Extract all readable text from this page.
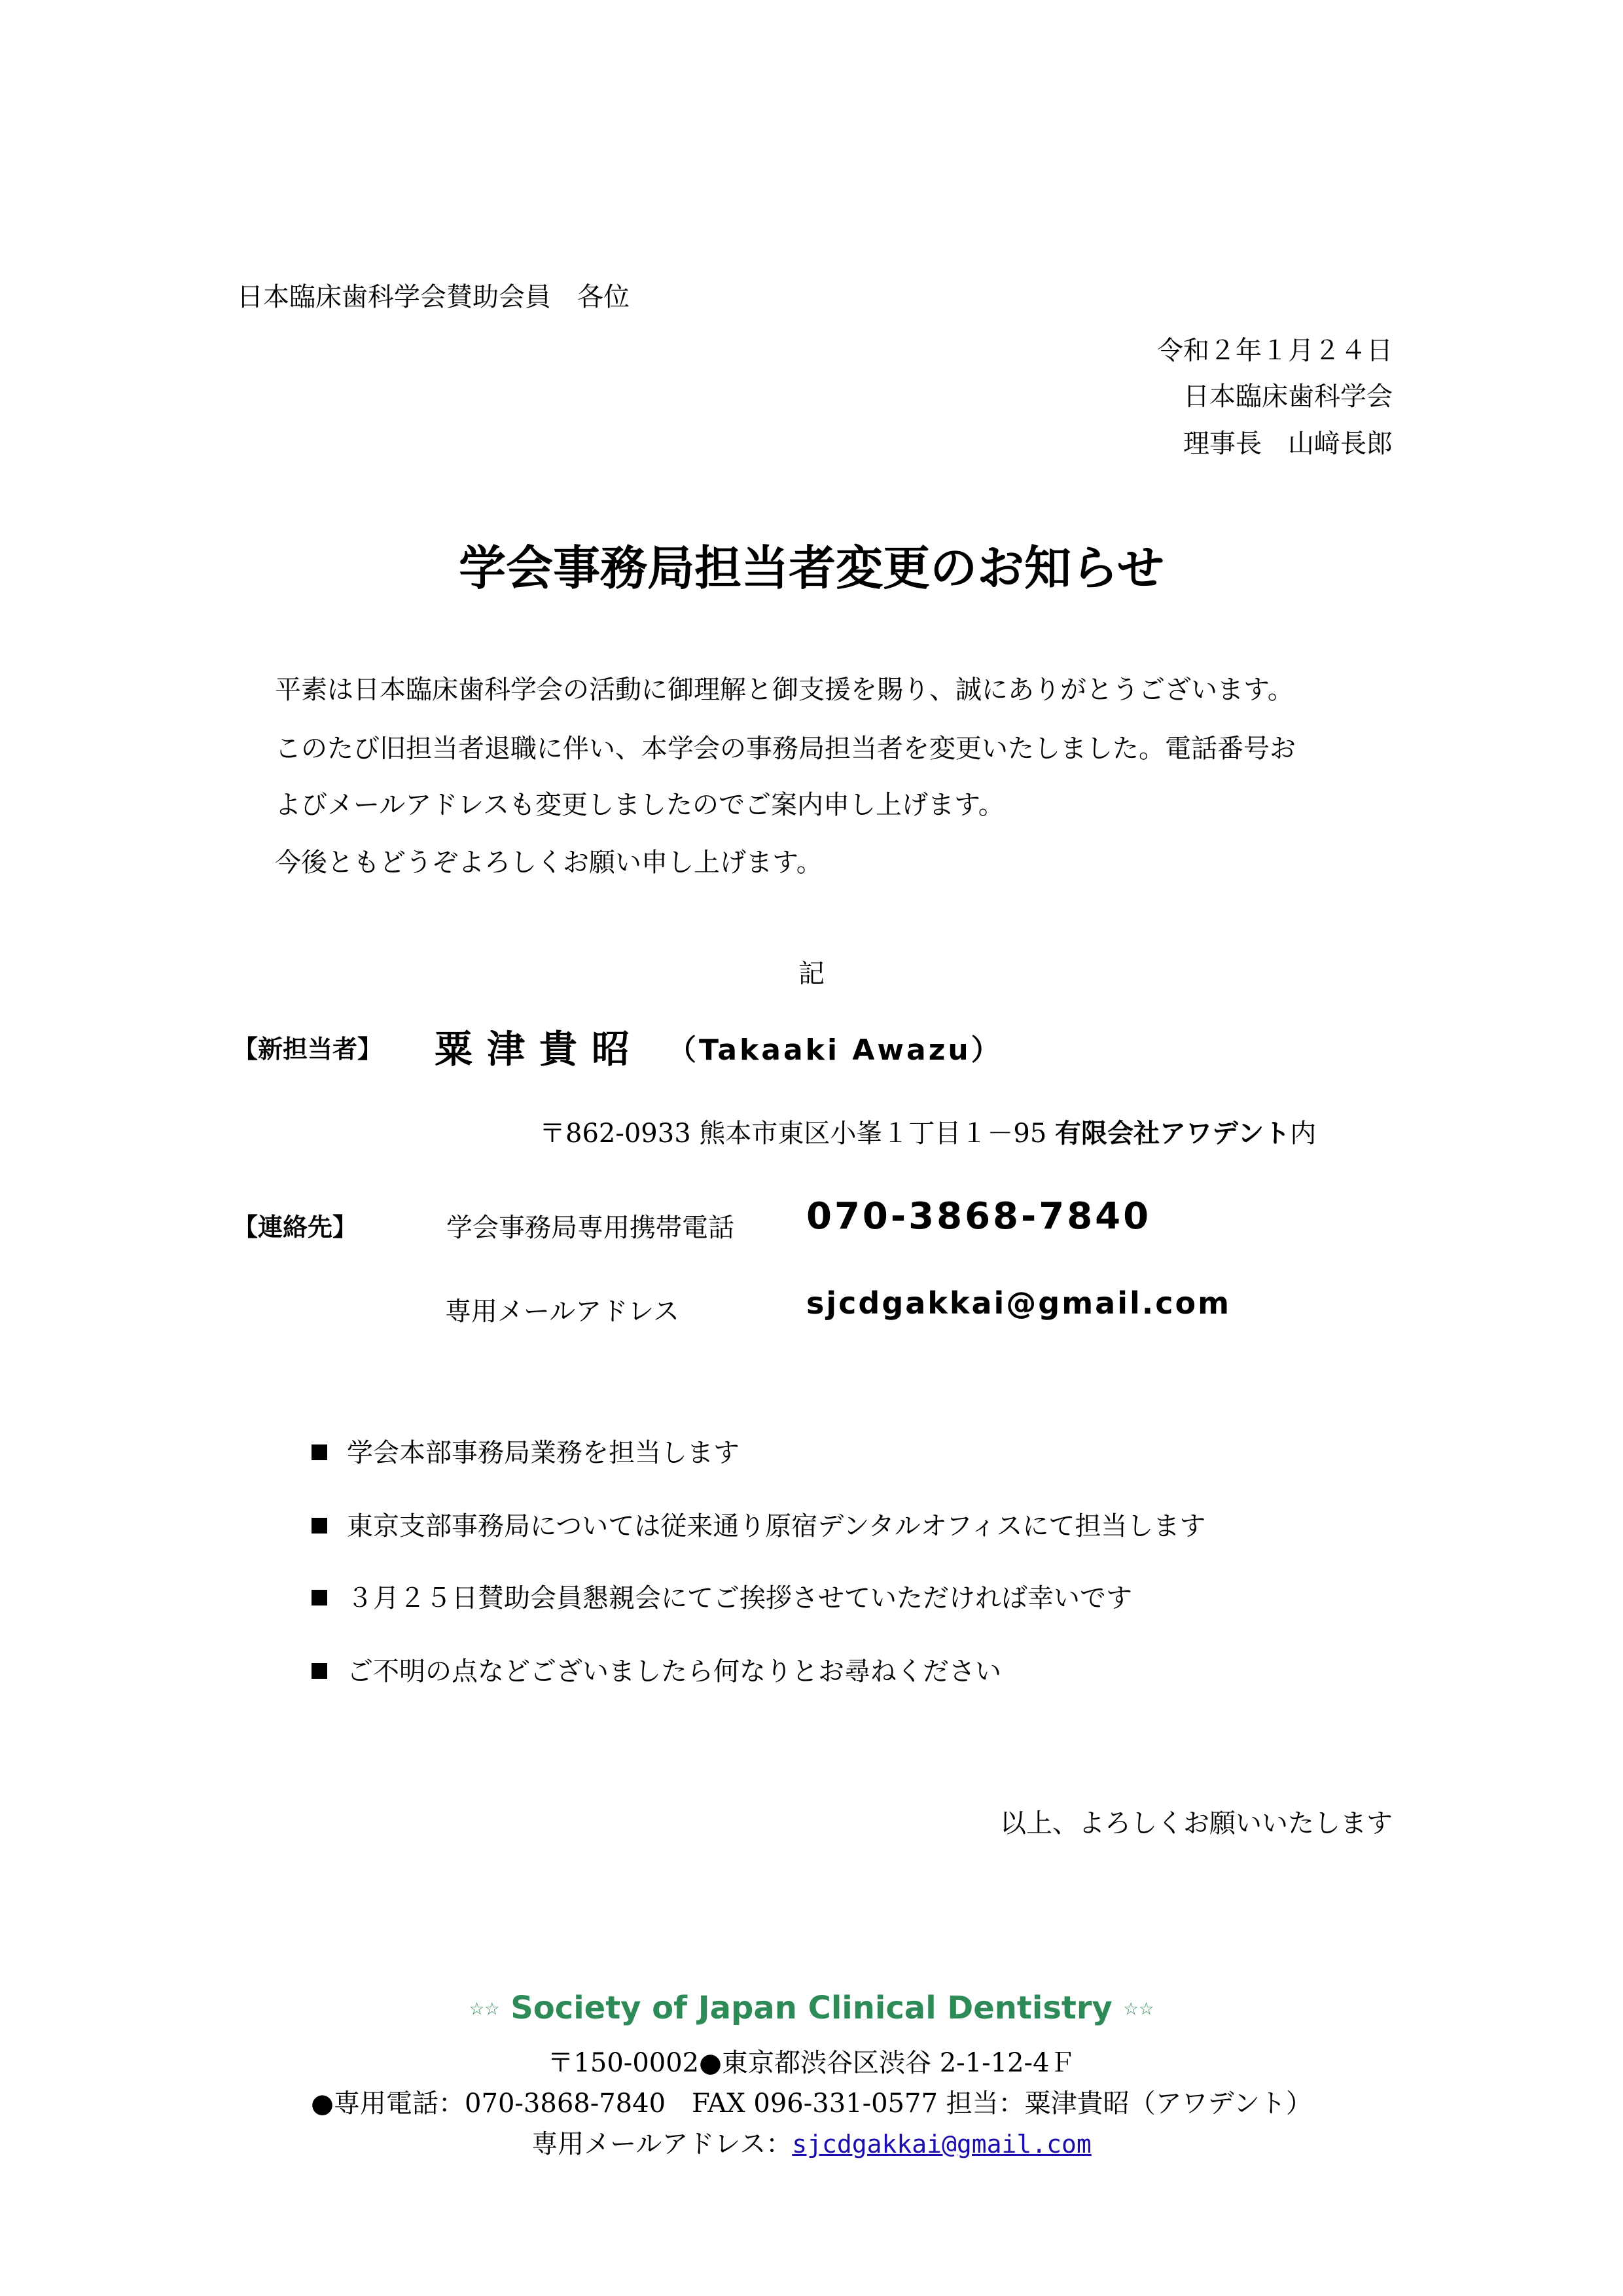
日本臨床歯科学会賛助会員　各位
令和２年１月２４日
日本臨床歯科学会
理事長　山﨑長郎
学会事務局担当者変更のお知らせ
平素は日本臨床歯科学会の活動に御理解と御支援を賜り、誠にありがとうございます。
このたび旧担当者退職に伴い、本学会の事務局担当者を変更いたしました。電話番号お
よびメールアドレスも変更しましたのでご案内申し上げます。
今後ともどうぞよろしくお願い申し上げます。
記
【新担当者】 粟津貴昭 （Takaaki Awazu）
〒862-0933 熊本市東区小峯１丁目１－95 有限会社アワデント内
【連絡先】	学会事務局専用携帯電話 070-3868-7840
専用メールアドレス	sjcdgakkai@gmail.com
学会本部事務局業務を担当します
東京支部事務局については従来通り原宿デンタルオフィスにて担当します
３月２５日賛助会員懇親会にてご挨拶させていただければ幸いです
ご不明の点などございましたら何なりとお尋ねください
以上、よろしくお願いいたします
☆☆ Society of Japan Clinical Dentistry ☆☆
〒150-0002●東京都渋谷区渋谷 2-1-12-4Ｆ
●専用電話：070-3868-7840　FAX 096-331-0577 担当：粟津貴昭（アワデント）
専用メールアドレス：sjcdgakkai@gmail.com
